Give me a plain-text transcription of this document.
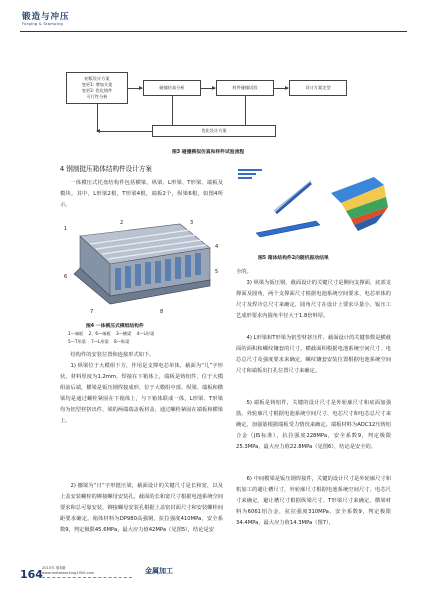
锻造与冲压
Forging & Stamping
初版设计方案
变更1: 增加支架
变更2: 优化铸件
可行性分析
碰撞仿真分析	样件碰撞试验	设计方案定型
优化设计方案
图3 碰撞模拟仿真和样件试验流程
4 钢制挺压箱体结构件设计方案
一体模压式托盘结构件包括横梁、纵梁、L形梁、T形梁、端板及模块。其中，L形梁2根，T形梁4根，端板2个，纵梁6根，如图4所示。
1
2	3
4
5
6
7	8
图4 一体模压式模组结构件
1—端板 2、6—端板 3—横梁 4—L形梁
5—T形梁 7—L形梁 8—纵梁
结构件的安装位置和连接形式如下。
1) 纵梁位于大模组下方，作用是支撑电芯单体，截面为“几”字形状，材料厚度为1.2mm，焊接在下箱体上，端板是铸铝件，位于大模组前后端，横梁是钣压钢焊接成形，位于大模组中部。纵梁、端板和横梁均是通过螺栓紧固在下箱体上，与下箱体联成一体，L形梁、T形梁均为铝型材挤出件，梁的两端端盖板材盖，通过螺栓紧固在端板和横梁上。
2) 挪梁为“日”字形挺压梁，截面设计的关键尺寸是长和宽，以及上盖安装螺栓的铆接螺母安装孔，截面的长和宽尺寸根据电池系统空间要求和总可靠安装，铆接螺母安装孔根据上盖密封面尺寸和安装螺栓间距要求确定。箱体材料为DP980高强钢，抗拉强度410MPa，安全系数9，判定极限45.6MPa，最大应力值42MPa（见图5），结论是安
图5 箱体结构件2向随机振动结果
全的。
3) 纵梁为钣压钢，截面设计的关键尺寸是侧向支撑面，底部支撑面及圆角，两个支撑面尺寸根据电池系统空间要求、电芯单体的尺寸及焊冷总尺寸来确定，圆角尺寸在设计上要求尽量小，钣压工艺成形要求内圆角半径大于1.8倍料厚。
4) L形梁和T形梁为铝型材挤压件，截面设计的关键参数是横截面的面积和螺纹镶套的尺寸。横截面积根据电池系统空间尺寸、电芯总尺寸及强度要求来确定，螺纹镶套安装位置根据电池系统空间尺寸和端板出打孔位置尺寸来确定。
5) 端板是铸铝件，关键的设计尺寸是外轮廓尺寸和底面加强筋。外轮廓尺寸根据电池系统空间尺寸、电芯尺寸和电芯总尺寸来确定，加强筋根据端板受力情况来确定。端板材料为ADC12压铸铝合金（JIS标准），抗拉强度228MPa，安全系数9，判定极限25.3MPa，最大应力值22.8MPa（见图6），结论是安全的。
6) 中间模梁是钣压钢焊接件，关键的设计尺寸是外轮廓尺寸和机加工的避让槽尺寸，外轮廓尺寸根据电池系统空间尺寸、电芯尺寸来确定，避让槽尺寸根据纵梁尺寸、T形梁尺寸来确定。横梁材料为6061铝合金，抗拉强度310MPa，安全系数9，判定极限34.4MPa，最大应力值14.3MPa（图7），
164 2015年 第8期
www.metalworking1950.com	金属加工
